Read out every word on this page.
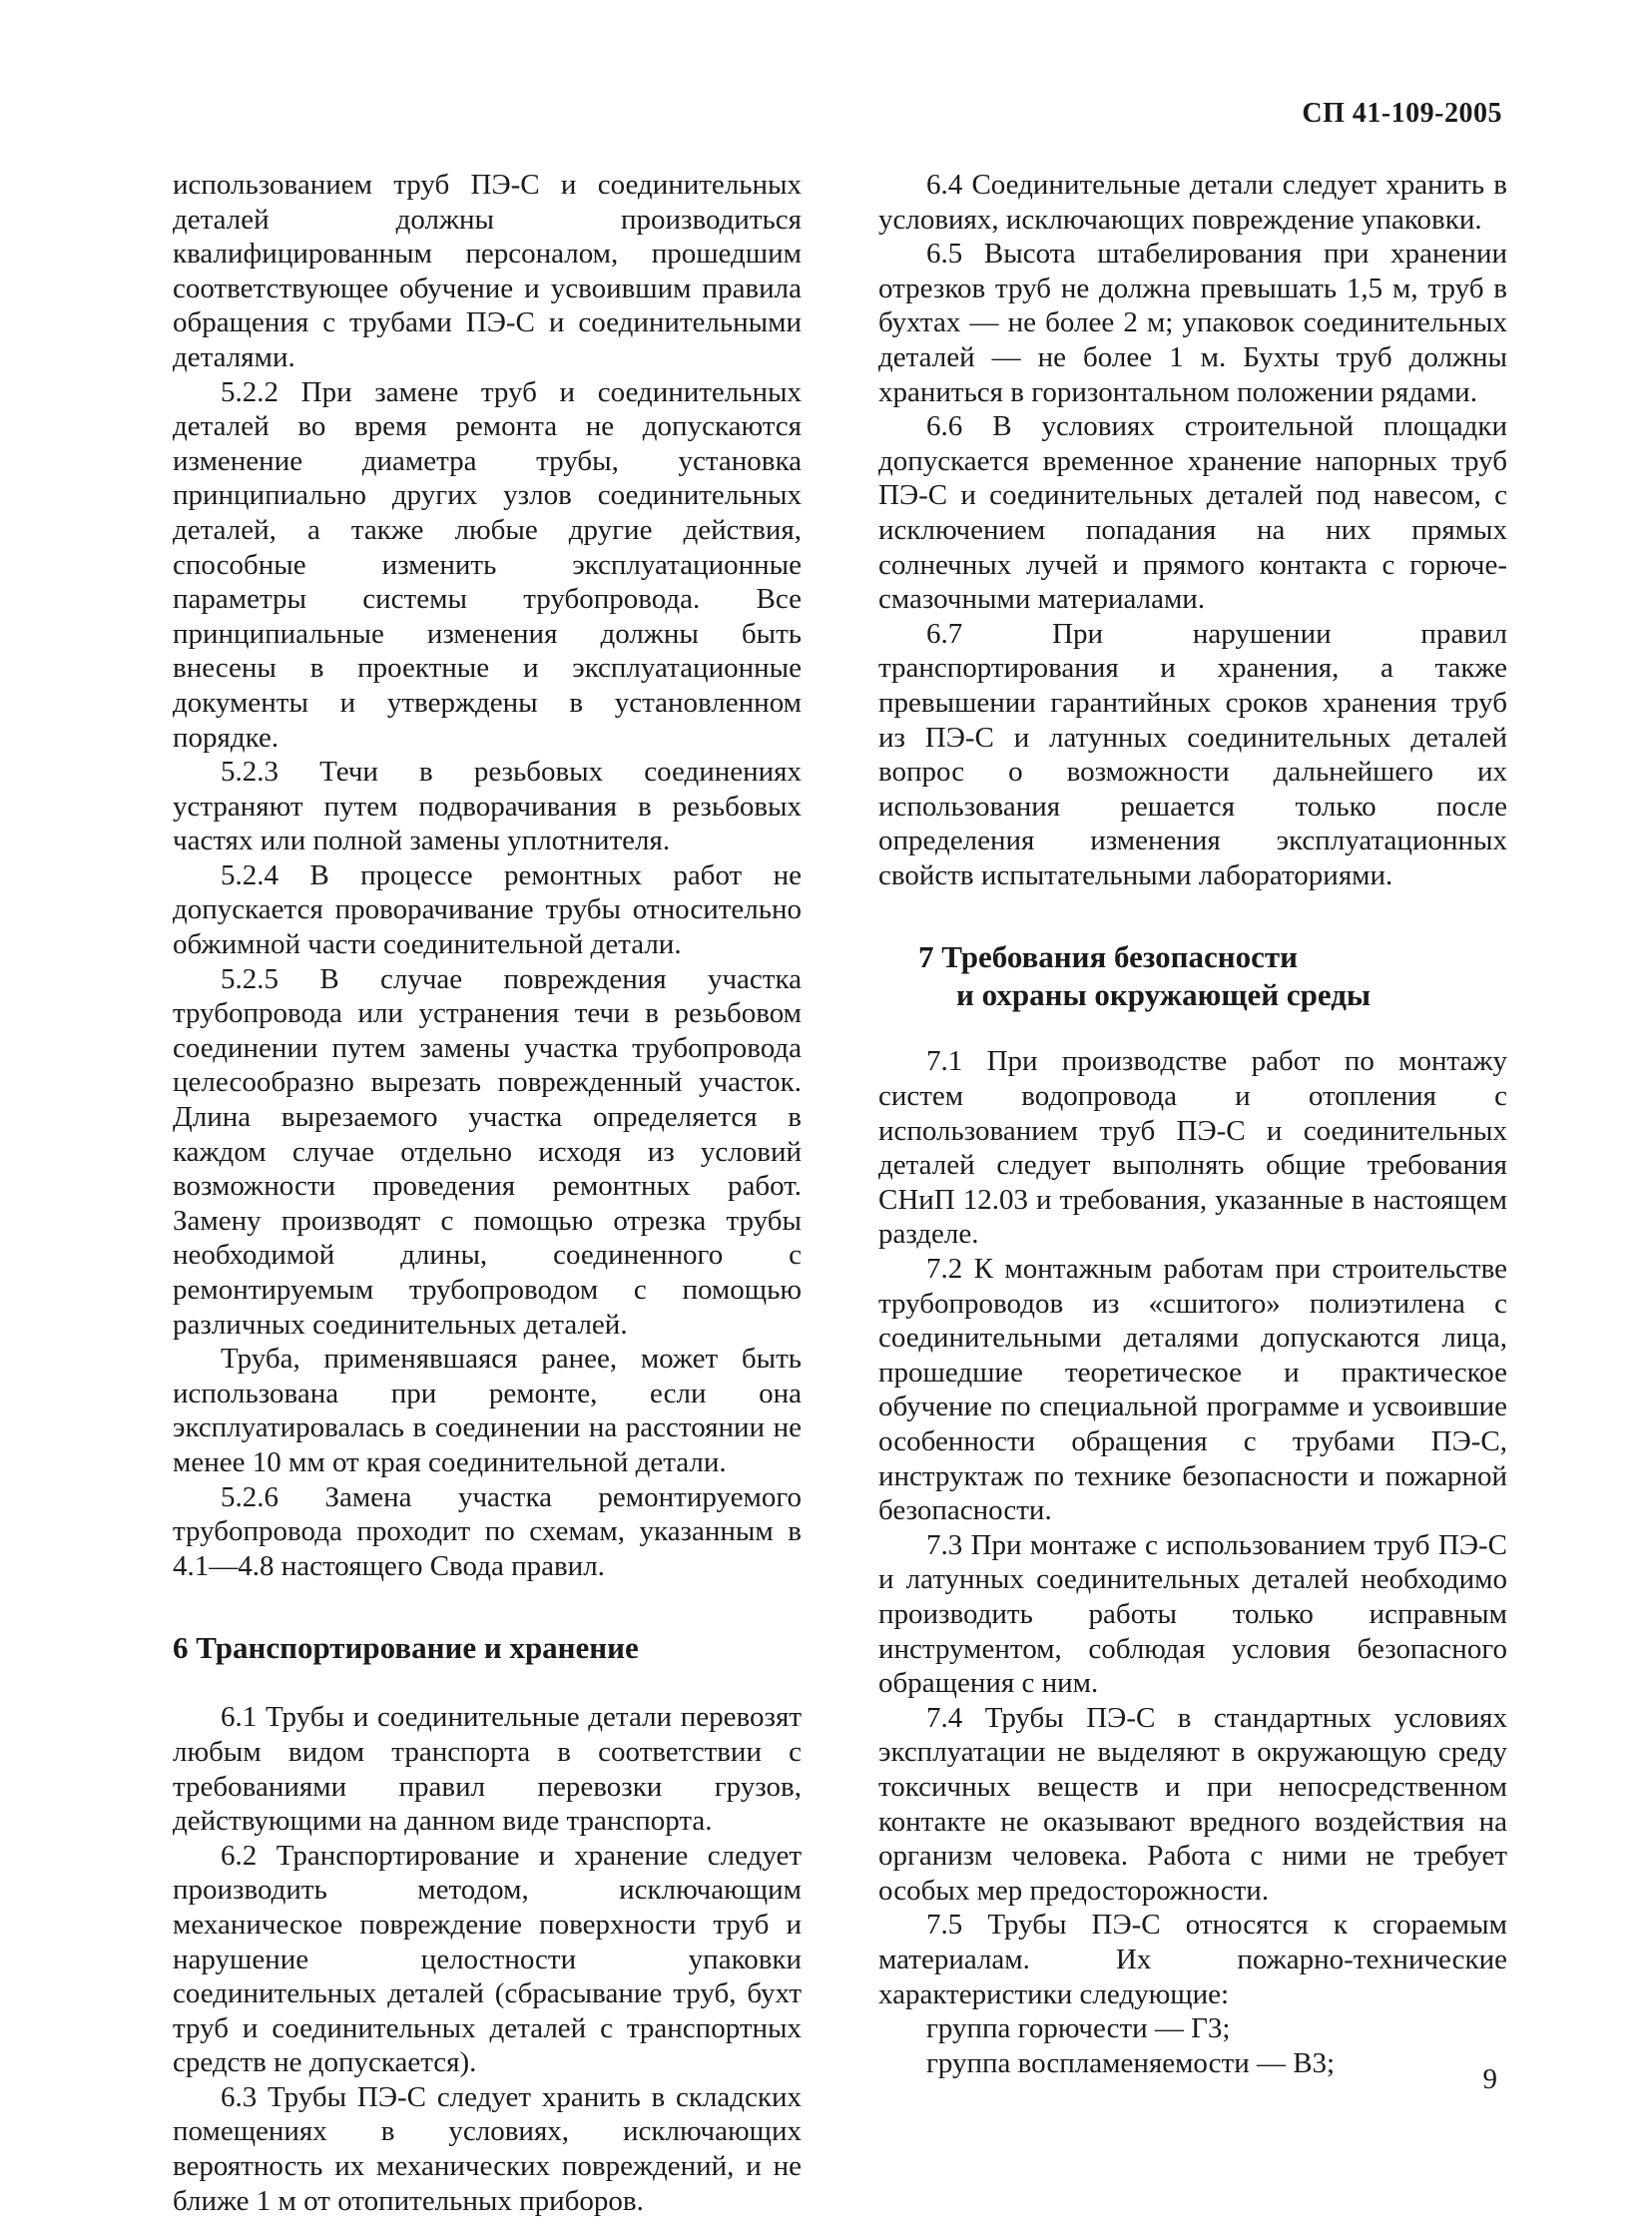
СП 41-109-2005

использованием труб ПЭ-С и соединительных деталей должны производиться квалифицированным персоналом, прошедшим соответствующее обучение и усвоившим правила обращения с трубами ПЭ-С и соединительными деталями.

5.2.2 При замене труб и соединительных деталей во время ремонта не допускаются изменение диаметра трубы, установка принципиально других узлов соединительных деталей, а также любые другие действия, способные изменить эксплуатационные параметры системы трубопровода. Все принципиальные изменения должны быть внесены в проектные и эксплуатационные документы и утверждены в установленном порядке.

5.2.3 Течи в резьбовых соединениях устраняют путем подворачивания в резьбовых частях или полной замены уплотнителя.

5.2.4 В процессе ремонтных работ не допускается проворачивание трубы относительно обжимной части соединительной детали.

5.2.5 В случае повреждения участка трубопровода или устранения течи в резьбовом соединении путем замены участка трубопровода целесообразно вырезать поврежденный участок. Длина вырезаемого участка определяется в каждом случае отдельно исходя из условий возможности проведения ремонтных работ. Замену производят с помощью отрезка трубы необходимой длины, соединенного с ремонтируемым трубопроводом с помощью различных соединительных деталей.

Труба, применявшаяся ранее, может быть использована при ремонте, если она эксплуатировалась в соединении на расстоянии не менее 10 мм от края соединительной детали.

5.2.6 Замена участка ремонтируемого трубопровода проходит по схемам, указанным в 4.1—4.8 настоящего Свода правил.

6 Транспортирование и хранение

6.1 Трубы и соединительные детали перевозят любым видом транспорта в соответствии с требованиями правил перевозки грузов, действующими на данном виде транспорта.

6.2 Транспортирование и хранение следует производить методом, исключающим механическое повреждение поверхности труб и нарушение целостности упаковки соединительных деталей (сбрасывание труб, бухт труб и соединительных деталей с транспортных средств не допускается).

6.3 Трубы ПЭ-С следует хранить в складских помещениях в условиях, исключающих вероятность их механических повреждений, и не ближе 1 м от отопительных приборов.

6.4 Соединительные детали следует хранить в условиях, исключающих повреждение упаковки.

6.5 Высота штабелирования при хранении отрезков труб не должна превышать 1,5 м, труб в бухтах — не более 2 м; упаковок соединительных деталей — не более 1 м. Бухты труб должны храниться в горизонтальном положении рядами.

6.6 В условиях строительной площадки допускается временное хранение напорных труб ПЭ-С и соединительных деталей под навесом, с исключением попадания на них прямых солнечных лучей и прямого контакта с горюче-смазочными материалами.

6.7 При нарушении правил транспортирования и хранения, а также превышении гарантийных сроков хранения труб из ПЭ-С и латунных соединительных деталей вопрос о возможности дальнейшего их использования решается только после определения изменения эксплуатационных свойств испытательными лабораториями.

7 Требования безопасности
и охраны окружающей среды

7.1 При производстве работ по монтажу систем водопровода и отопления с использованием труб ПЭ-С и соединительных деталей следует выполнять общие требования СНиП 12.03 и требования, указанные в настоящем разделе.

7.2 К монтажным работам при строительстве трубопроводов из «сшитого» полиэтилена с соединительными деталями допускаются лица, прошедшие теоретическое и практическое обучение по специальной программе и усвоившие особенности обращения с трубами ПЭ-С, инструктаж по технике безопасности и пожарной безопасности.

7.3 При монтаже с использованием труб ПЭ-С и латунных соединительных деталей необходимо производить работы только исправным инструментом, соблюдая условия безопасного обращения с ним.

7.4 Трубы ПЭ-С в стандартных условиях эксплуатации не выделяют в окружающую среду токсичных веществ и при непосредственном контакте не оказывают вредного воздействия на организм человека. Работа с ними не требует особых мер предосторожности.

7.5 Трубы ПЭ-С относятся к сгораемым материалам. Их пожарно-технические характеристики следующие:

группа горючести — Г3;

группа воспламеняемости — В3;

9
